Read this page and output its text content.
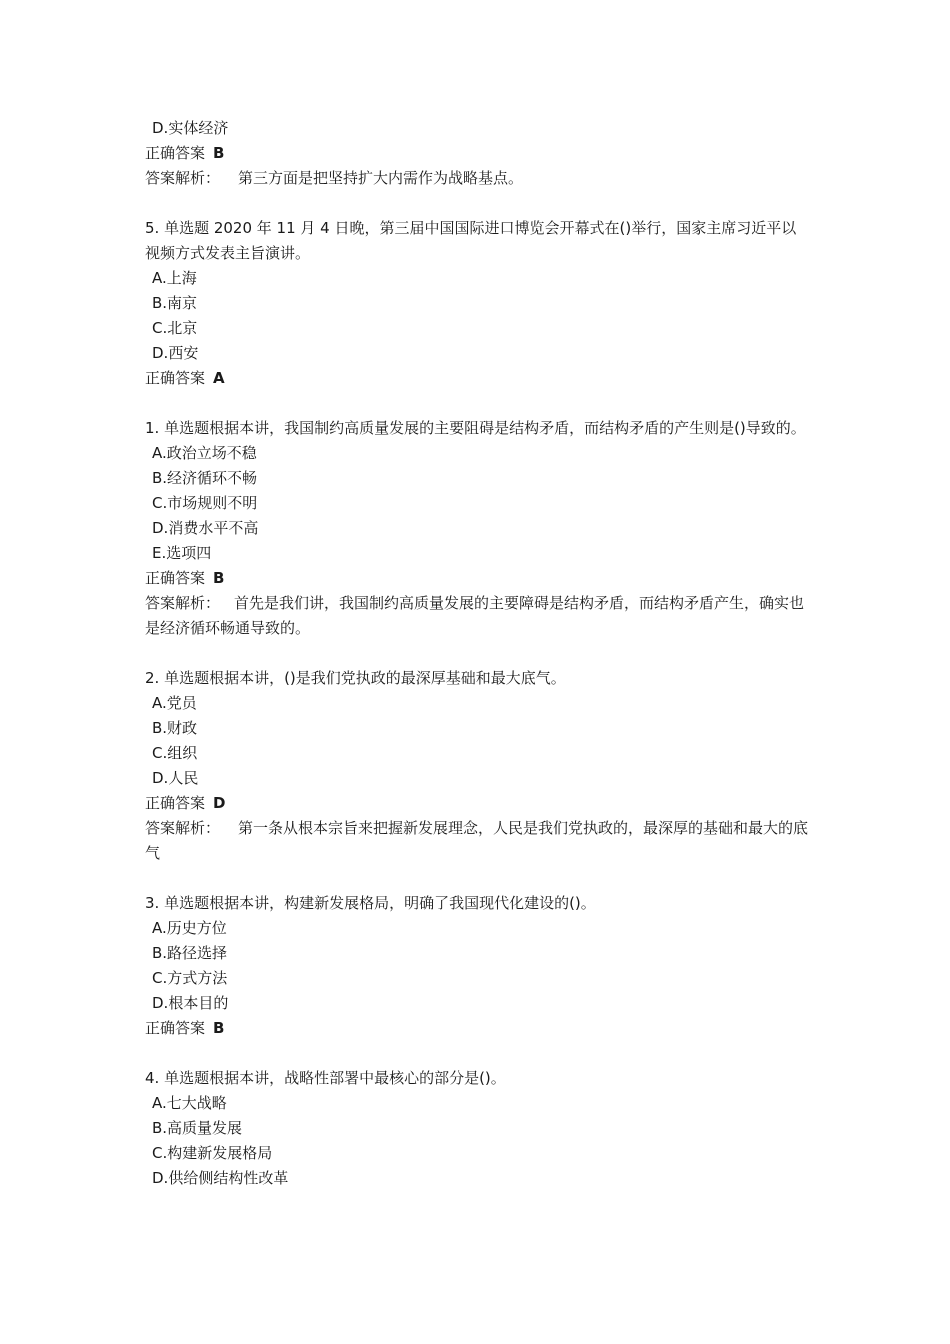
D.实体经济
正确答案 B
答案解析： 第三方面是把坚持扩大内需作为战略基点。
5. 单选题 2020 年 11 月 4 日晚，第三届中国国际进口博览会开幕式在()举行，国家主席习近平以视频方式发表主旨演讲。
A.上海
B.南京
C.北京
D.西安
正确答案 A
1. 单选题根据本讲，我国制约高质量发展的主要阻碍是结构矛盾，而结构矛盾的产生则是()导致的。
A.政治立场不稳
B.经济循环不畅
C.市场规则不明
D.消费水平不高
E.选项四
正确答案 B
答案解析： 首先是我们讲，我国制约高质量发展的主要障碍是结构矛盾，而结构矛盾产生，确实也是经济循环畅通导致的。
2. 单选题根据本讲，()是我们党执政的最深厚基础和最大底气。
A.党员
B.财政
C.组织
D.人民
正确答案 D
答案解析： 第一条从根本宗旨来把握新发展理念，人民是我们党执政的，最深厚的基础和最大的底气
3. 单选题根据本讲，构建新发展格局，明确了我国现代化建设的()。
A.历史方位
B.路径选择
C.方式方法
D.根本目的
正确答案 B
4. 单选题根据本讲，战略性部署中最核心的部分是()。
A.七大战略
B.高质量发展
C.构建新发展格局
D.供给侧结构性改革
